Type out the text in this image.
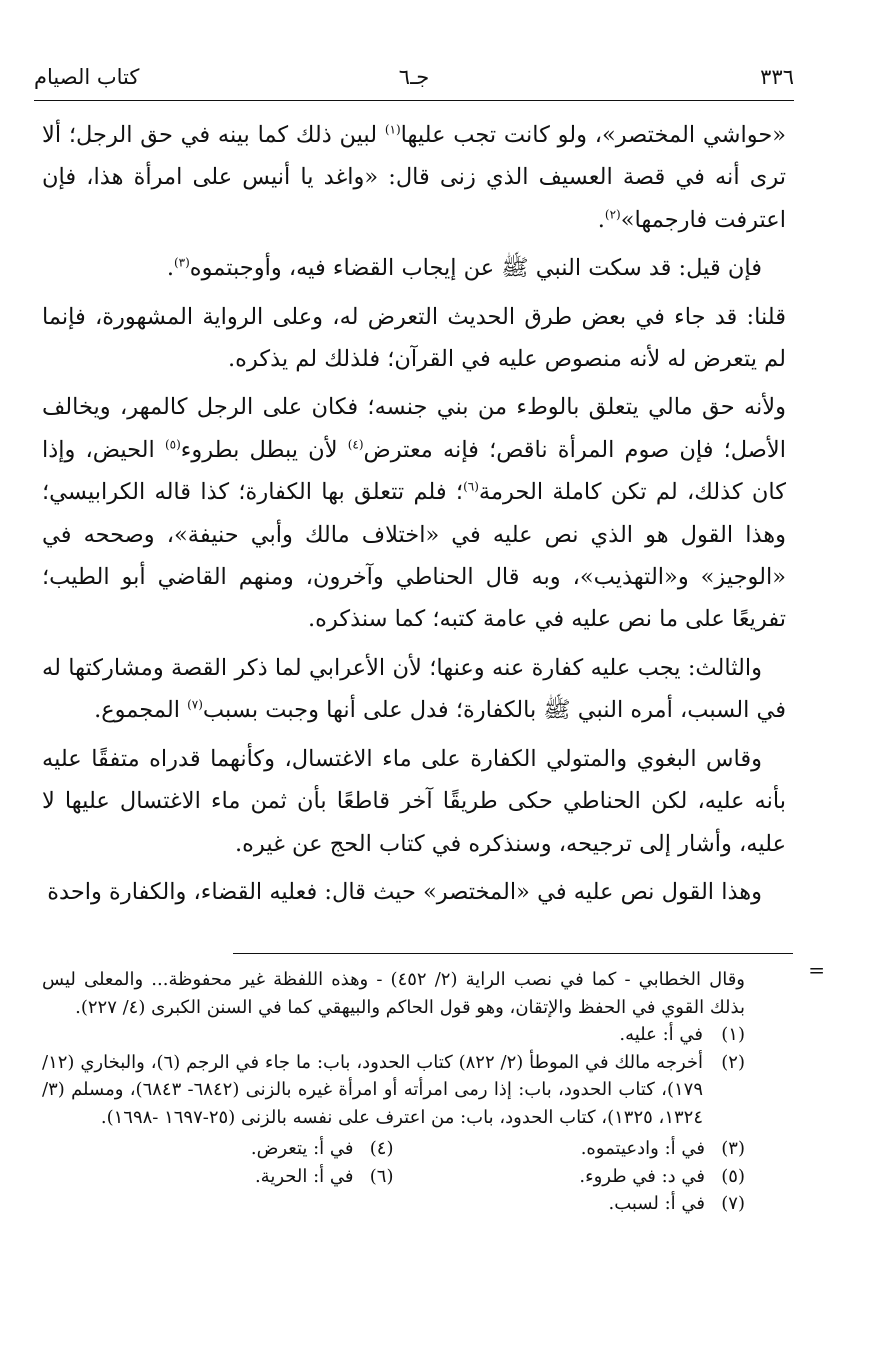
٣٣٦
جـ٦
كتاب الصيام

«حواشي المختصر»، ولو كانت تجب عليها$^{(١)}$ لبين ذلك كما بينه في حق الرجل؛ ألا ترى أنه في قصة العسيف الذي زنى قال: «واغد يا أنيس على امرأة هذا، فإن اعترفت فارجمها»$^{(٢)}$.

فإن قيل: قد سكت النبي ﷺ عن إيجاب القضاء فيه، وأوجبتموه$^{(٣)}$.

قلنا: قد جاء في بعض طرق الحديث التعرض له، وعلى الرواية المشهورة، فإنما لم يتعرض له لأنه منصوص عليه في القرآن؛ فلذلك لم يذكره.

ولأنه حق مالي يتعلق بالوطء من بني جنسه؛ فكان على الرجل كالمهر، ويخالف الأصل؛ فإن صوم المرأة ناقص؛ فإنه معترض$^{(٤)}$ لأن يبطل بطروء$^{(٥)}$ الحيض، وإذا كان كذلك، لم تكن كاملة الحرمة$^{(٦)}$؛ فلم تتعلق بها الكفارة؛ كذا قاله الكرابيسي؛ وهذا القول هو الذي نص عليه في «اختلاف مالك وأبي حنيفة»، وصححه في «الوجيز» و«التهذيب»، وبه قال الحناطي وآخرون، ومنهم القاضي أبو الطيب؛ تفريعًا على ما نص عليه في عامة كتبه؛ كما سنذكره.

والثالث: يجب عليه كفارة عنه وعنها؛ لأن الأعرابي لما ذكر القصة ومشاركتها له في السبب، أمره النبي ﷺ بالكفارة؛ فدل على أنها وجبت بسبب$^{(٧)}$ المجموع.

وقاس البغوي والمتولي الكفارة على ماء الاغتسال، وكأنهما قدراه متفقًا عليه بأنه عليه، لكن الحناطي حكى طريقًا آخر قاطعًا بأن ثمن ماء الاغتسال عليها لا عليه، وأشار إلى ترجيحه، وسنذكره في كتاب الحج عن غيره.

وهذا القول نص عليه في «المختصر» حيث قال: فعليه القضاء، والكفارة واحدة

=

وقال الخطابي - كما في نصب الراية (٢/ ٤٥٢) - وهذه اللفظة غير محفوظة... والمعلى ليس بذلك القوي في الحفظ والإتقان، وهو قول الحاكم والبيهقي كما في السنن الكبرى (٤/ ٢٢٧).

(١)
في أ: عليه.
(٢)
أخرجه مالك في الموطأ (٢/ ٨٢٢) كتاب الحدود، باب: ما جاء في الرجم (٦)، والبخاري (١٢/ ١٧٩)، كتاب الحدود، باب: إذا رمى امرأته أو امرأة غيره بالزنى (٦٨٤٢- ٦٨٤٣)، ومسلم (٣/ ١٣٢٤، ١٣٢٥)، كتاب الحدود، باب: من اعترف على نفسه بالزنى (٢٥-١٦٩٧ -١٦٩٨).
(٣)
في أ: وادعيتموه.
(٤)
في أ: يتعرض.
(٥)
في د: في طروء.
(٦)
في أ: الحرية.
(٧)
في أ: لسبب.
